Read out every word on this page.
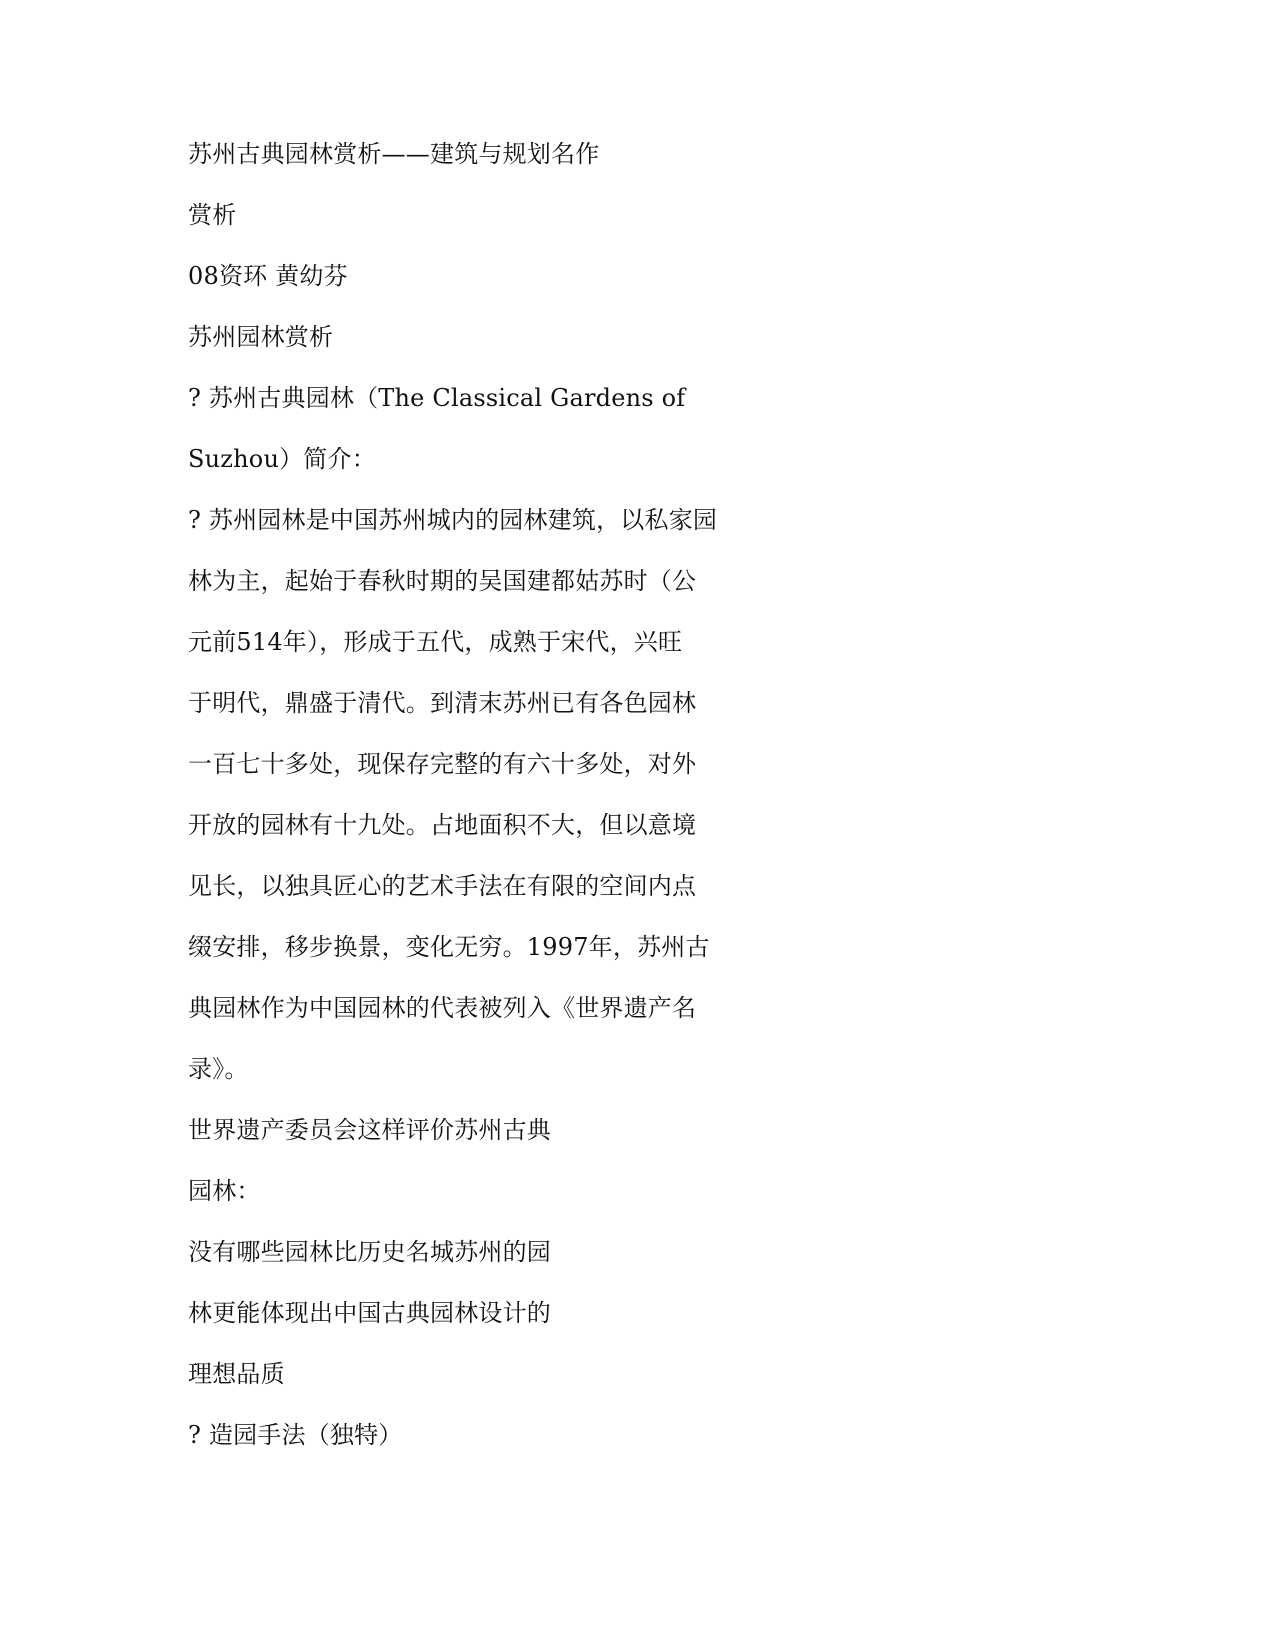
苏州古典园林赏析——建筑与规划名作
赏析
08资环 黄幼芬
苏州园林赏析
? 苏州古典园林（The Classical Gardens of
Suzhou）简介：
? 苏州园林是中国苏州城内的园林建筑，以私家园
林为主，起始于春秋时期的吴国建都姑苏时（公
元前514年），形成于五代，成熟于宋代，兴旺
于明代，鼎盛于清代。到清末苏州已有各色园林
一百七十多处，现保存完整的有六十多处，对外
开放的园林有十九处。占地面积不大，但以意境
见长，以独具匠心的艺术手法在有限的空间内点
缀安排，移步换景，变化无穷。1997年，苏州古
典园林作为中国园林的代表被列入《世界遗产名
录》。
世界遗产委员会这样评价苏州古典
园林：
没有哪些园林比历史名城苏州的园
林更能体现出中国古典园林设计的
理想品质
? 造园手法（独特）
